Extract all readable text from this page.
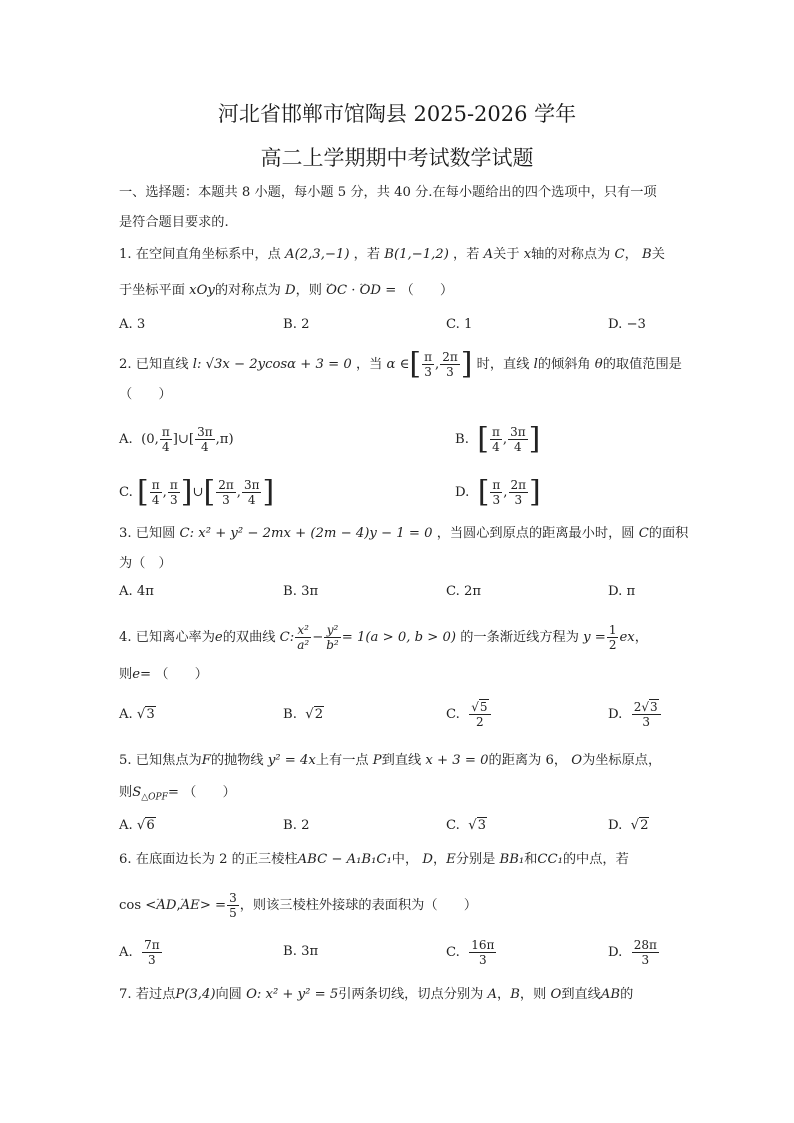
河北省邯郸市馆陶县 2025-2026 学年
高二上学期期中考试数学试题
一、选择题：本题共 8 小题，每小题 5 分，共 40 分.在每小题给出的四个选项中，只有一项
是符合题目要求的.
1. 在空间直角坐标系中，点 A(2,3,−1) ，若 B(1,−1,2) ，若 A关于 x轴的对称点为 C， B关
于坐标平面 xOy的对称点为 D，则 ꞈꞈ OC · ꞈꞈ OD = （　　）
A. 3	B. 2	C. 1	D. −3
2. 已知直线 l: √3x − 2ycosα + 3 = 0 ，当 α ∈[ $\frac{\pi}{3}$ , $\frac{2\pi}{3}$ ] 时，直线 l的倾斜角 θ的取值范围是
（　　）
A.  (0, $\frac{\pi}{4}$ ]∪[ $\frac{3\pi}{4} ,\pi$)	B. [ $\frac{\pi}{4}$ , $\frac{3\pi}{4}$ ]
C. [ $\frac{\pi}{4}$ , $\frac{\pi}{3}$ ]∪[ $\frac{2\pi}{3}$ , $\frac{3\pi}{4}$ ]	D. [ $\frac{\pi}{3}$ , $\frac{2\pi}{3}$ ]
3. 已知圆 C: x² + y² − 2mx + (2m − 4)y − 1 = 0 ，当圆心到原点的距离最小时，圆 C的面积
为（　）
A. 4π	B. 3π	C. 2π	D. π
4. 已知离心率为e的双曲线 C: $\frac{\text{x²}}{\text{a²}} - \frac{\text{y²}}{\text{b²}} = 1(a > 0$, b > 0) 的一条渐近线方程为 $y = \frac{1}{2}$ ex，
则e= （　　）
A. √3	B.  √2	C. $\frac{√5}{2}$	D. $\frac{2√3}{3}$
5. 已知焦点为F的抛物线 y² = 4x上有一点 P到直线 x + 3 = 0的距离为 6， O为坐标原点，
则$S_{\triangle OPF}=$ （　　）
A. √6	B. 2	C.  √3	D.  √2
6. 在底面边长为 2 的正三棱柱ABC − A₁B₁C₁中， D，E分别是 BB₁和CC₁的中点，若
cos <ꞈꞈ AD,ꞈꞈ $AE> = \frac{3}{5}$ ，则该三棱柱外接球的表面积为（　　）
A. $\frac{7\pi}{3}$	B. 3π	C. $\frac{16\pi}{3}$	D. $\frac{28\pi}{3}$
7. 若过点P(3,4)向圆 O: x² + y² = 5引两条切线，切点分别为 A，B，则 O到直线AB的
